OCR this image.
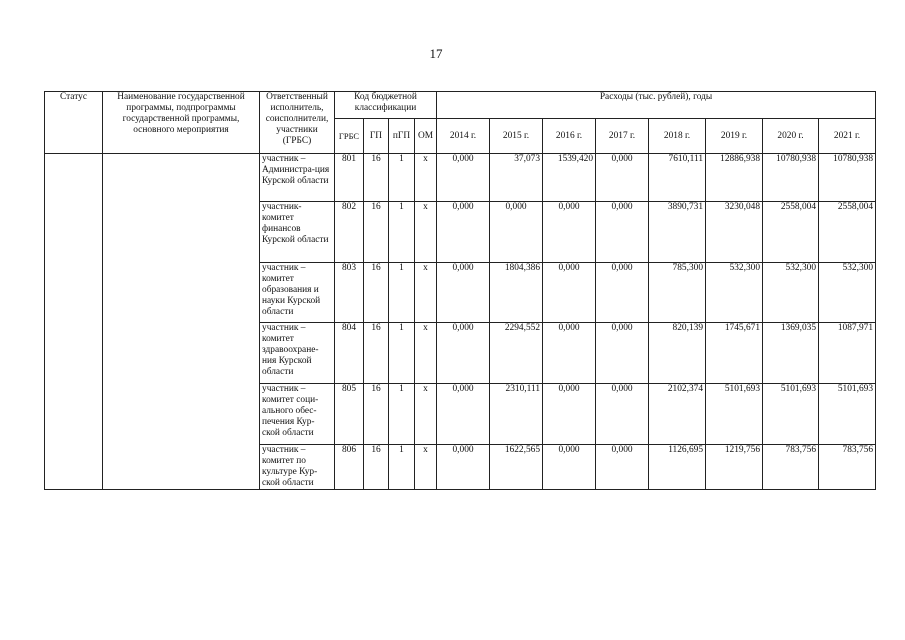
17
Статус	Наименование государственной программы, подпрограммы государственной программы, основного мероприятия	Ответственный исполнитель, соисполнители, участники (ГРБС)	Код бюджетной классификации				Расходы (тыс. рублей), годы							
			ГРБС	ГП	пГП	ОМ	2014 г.	2015 г.	2016 г.	2017 г.	2018 г.	2019 г.	2020 г.	2021 г.
		участник – Администра-ция Курской области	801	16	1	х	0,000	37,073	1539,420	0,000	7610,111	12886,938	10780,938	10780,938
		участник-комитет финансов Курской области	802	16	1	х	0,000	0,000	0,000	0,000	3890,731	3230,048	2558,004	2558,004
		участник – комитет образования и науки Курской области	803	16	1	х	0,000	1804,386	0,000	0,000	785,300	532,300	532,300	532,300
		участник – комитет здравоохране-ния Курской области	804	16	1	х	0,000	2294,552	0,000	0,000	820,139	1745,671	1369,035	1087,971
		участник – комитет соци-ального обес-печения Кур-ской области	805	16	1	х	0,000	2310,111	0,000	0,000	2102,374	5101,693	5101,693	5101,693
		участник – комитет по культуре Кур-ской области	806	16	1	х	0,000	1622,565	0,000	0,000	1126,695	1219,756	783,756	783,756
